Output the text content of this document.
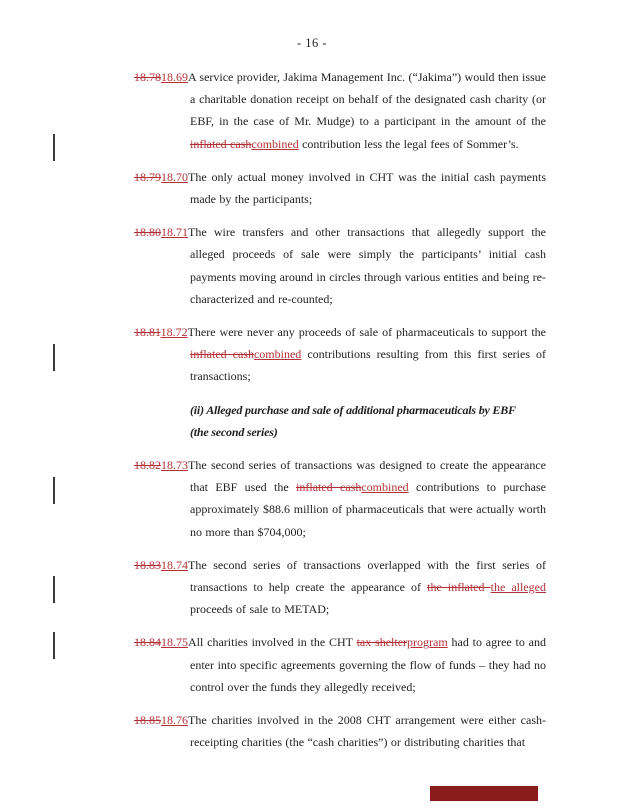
- 16 -
18.7818.69A service provider, Jakima Management Inc. (“Jakima”) would then issue a charitable donation receipt on behalf of the designated cash charity (or EBF, in the case of Mr. Mudge) to a participant in the amount of the inflated cashcombined contribution less the legal fees of Sommer’s.
18.7918.70The only actual money involved in CHT was the initial cash payments made by the participants;
18.8018.71The wire transfers and other transactions that allegedly support the alleged proceeds of sale were simply the participants’ initial cash payments moving around in circles through various entities and being re-characterized and re-counted;
18.8118.72There were never any proceeds of sale of pharmaceuticals to support the inflated cashcombined contributions resulting from this first series of transactions;
(ii) Alleged purchase and sale of additional pharmaceuticals by EBF
(the second series)
18.8218.73The second series of transactions was designed to create the appearance that EBF used the inflated cashcombined contributions to purchase approximately $88.6 million of pharmaceuticals that were actually worth no more than $704,000;
18.8318.74The second series of transactions overlapped with the first series of transactions to help create the appearance of the inflated the alleged proceeds of sale to METAD;
18.8418.75All charities involved in the CHT tax shelterprogram had to agree to and enter into specific agreements governing the flow of funds – they had no control over the funds they allegedly received;
18.8518.76The charities involved in the 2008 CHT arrangement were either cash-receipting charities (the “cash charities”) or distributing charities that
